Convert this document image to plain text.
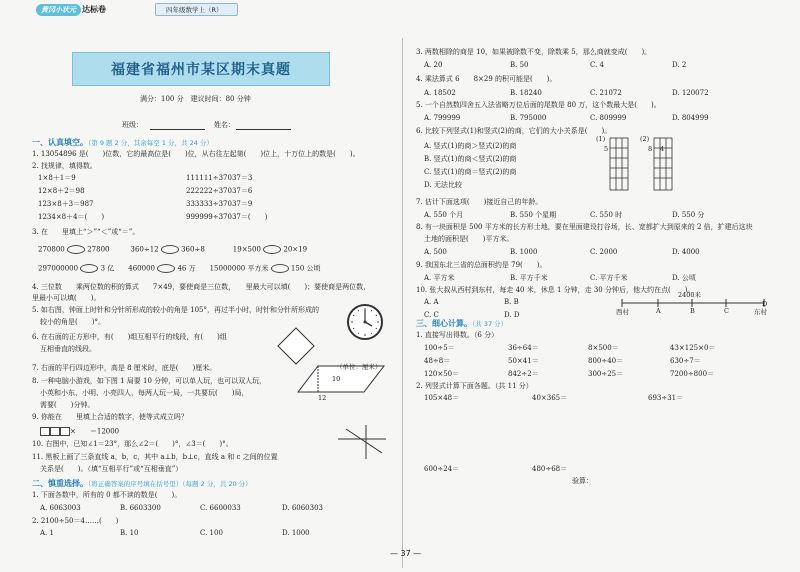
黄冈小状元 达标卷	四年级数学上（R）
福建省福州市某区期末真题
满分：100 分　建议时间：80 分钟
班级：	姓名：
一、认真填空。（第 9 题 2 分，其余每空 1 分，共 24 分）
1. 13054896 是(　　)位数，它的最高位是(　　)位，从右往左起第(　　)位上，十万位上的数是(　　)。
2. 找规律，填得数。
1×8＋1＝9
12×8＋2＝98
123×8＋3＝987
1234×8＋4＝(　　)
111111÷37037＝3
222222÷37037＝6
333333÷37037＝9
999999÷37037＝(　　)
3. 在　　里填上“＞”“＜”或“＝”。
270800	27800　　　	360÷12	360÷8　　　　	19×500	20×19
297000000	3 亿　　 460000	46 万　　 15000000 平方米	150 公顷
4. 三位数　　乘两位数的积的算式　　7×49，要使商是三位数，　　里最大可以填(　　)；要使商是两位数，　　里最小可以填(　　)。
5. 如右图，钟面上时针和分针所形成的较小的角是 105°，再过半小时，时针和分针所形成的
较小的角是(　　)°。
6. 在右面的正方形中，有(　　)组互相平行的线段，有(　　)组
互相垂直的线段。
7. 右面的平行四边形中，高是 8 厘米时，底是(　　)厘米。	（单位：厘米）
10
12
8. 一种电脑小游戏，如下图 1 局要 10 分钟，可以单人玩，也可以双人玩，
小英和小东、小明、小亮四人，每两人玩一局，一共要玩(　　)局，
需要(　　)分钟。
9. 你能在　　里填上合适的数字，使等式成立吗？
×　　＝12000
10. 右图中，已知∠1＝23°，那么∠2＝(　　)°，∠3＝(　　)°。
11. 黑板上画了三条直线 a，b，c，其中 a⊥b，b⊥c，直线 a 和 c 之间的位置
关系是(　　)。（填“互相平行”或“互相垂直”）
二、慎重选择。（将正确答案的序号填在括号里）（每题 2 分，共 20 分）
1. 下面各数中，所有的 0 都不读的数是(　　)。
A. 6063003	B. 6603300	C. 6600033	D. 6060303
2. 2100÷50＝4……(　　)
A. 1	B. 10	C. 100	D. 1000
3. 两数相除的商是 10，如果被除数不变，除数乘 5，那么商就变成(　　)。
A. 20	B. 50	C. 4	D. 2
4. 乘法算式 6　　8×29 的积可能是(　　)。
A. 18502	B. 18240	C. 21072	D. 120072
5. 一个自然数四舍五入法省略万位后面的尾数是 80 万，这个数最大是(　　)。
A. 799999	B. 795000	C. 809999	D. 804999
6. 比较下列竖式(1)和竖式(2)的商，它们的大小关系是(　　)。
A. 竖式(1)的商＞竖式(2)的商
B. 竖式(1)的商＜竖式(2)的商
C. 竖式(1)的商＝竖式(2)的商
D. 无法比较
(1)	(2)
5	8 4
7. 估计下面选项(　　)接近自己的年龄。
A. 550 个月	B. 550 个星期	C. 550 时	D. 550 分
8. 有一块面积是 500 平方米的长方形土地，要在里面建设打谷场，长、宽都扩大到原来的 2 倍，扩建后这块
土地的面积是(　　)平方米。
A. 500	B. 1000	C. 2000	D. 4000
9. 我国东北三省的总面积约是 79(　　)。
A. 平方米	B. 平方千米	C. 平方千米	D. 公顷
10. 张大叔从西村到东村，每走 40 米，休息 1 分钟，走 30 分钟后，他大约在点(　　)。
A. A	B. B
C. C	D. D
2400米
西村	A	B	C
D
东村
三、细心计算。（共 37 分）
1. 直接写出得数。（6 分）
100÷5＝	36÷64＝	8×500＝	43×125×0＝
48÷8＝	50×41＝	800÷40＝	630÷7＝
120×50＝	842÷2＝	300÷25＝	7200÷800＝
2. 列竖式计算下面各题。（共 11 分）
105×48＝	40×365＝	693÷31＝
600÷24＝	480÷68＝
验算：
— 37 —
